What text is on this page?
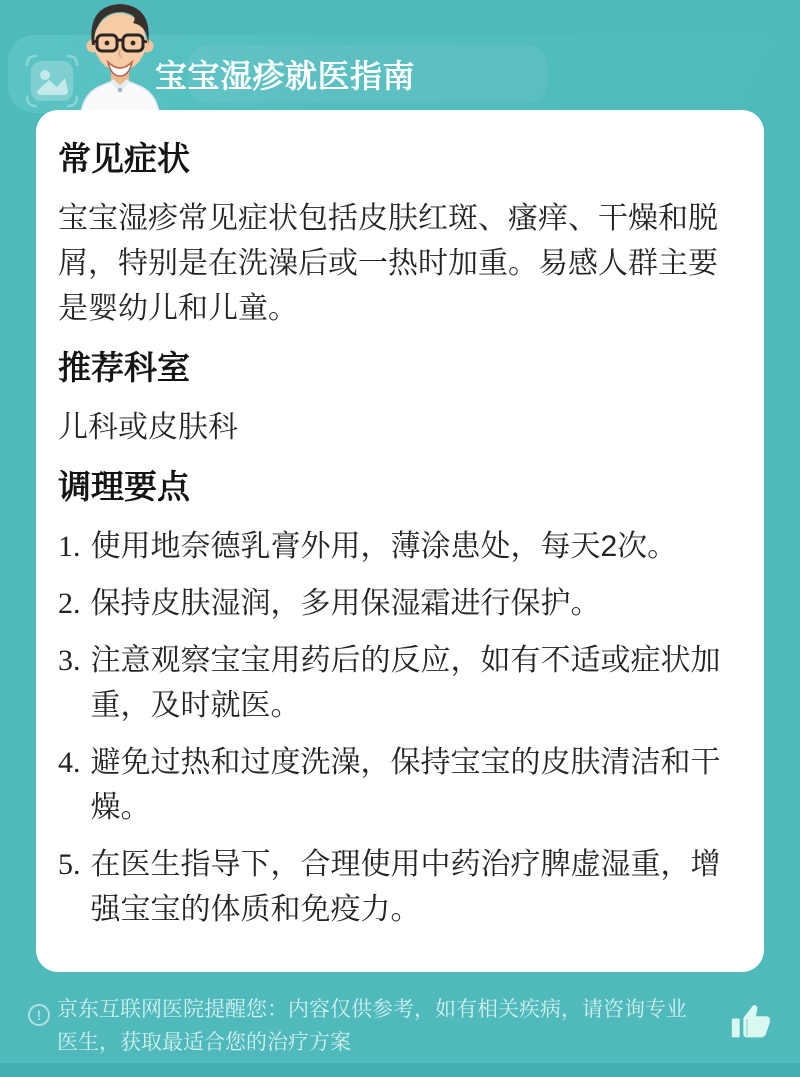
宝宝湿疹就医指南
常见症状

宝宝湿疹常见症状包括皮肤红斑、瘙痒、干燥和脱屑，特别是在洗澡后或一热时加重。易感人群主要是婴幼儿和儿童。

推荐科室

儿科或皮肤科

调理要点
1. 使用地奈德乳膏外用，薄涂患处，每天2次。
2. 保持皮肤湿润，多用保湿霜进行保护。
3. 注意观察宝宝用药后的反应，如有不适或症状加重，及时就医。
4. 避免过热和过度洗澡，保持宝宝的皮肤清洁和干燥。
5. 在医生指导下，合理使用中药治疗脾虚湿重，增强宝宝的体质和免疫力。
! 京东互联网医院提醒您：内容仅供参考，如有相关疾病，请咨询专业医生，获取最适合您的治疗方案
